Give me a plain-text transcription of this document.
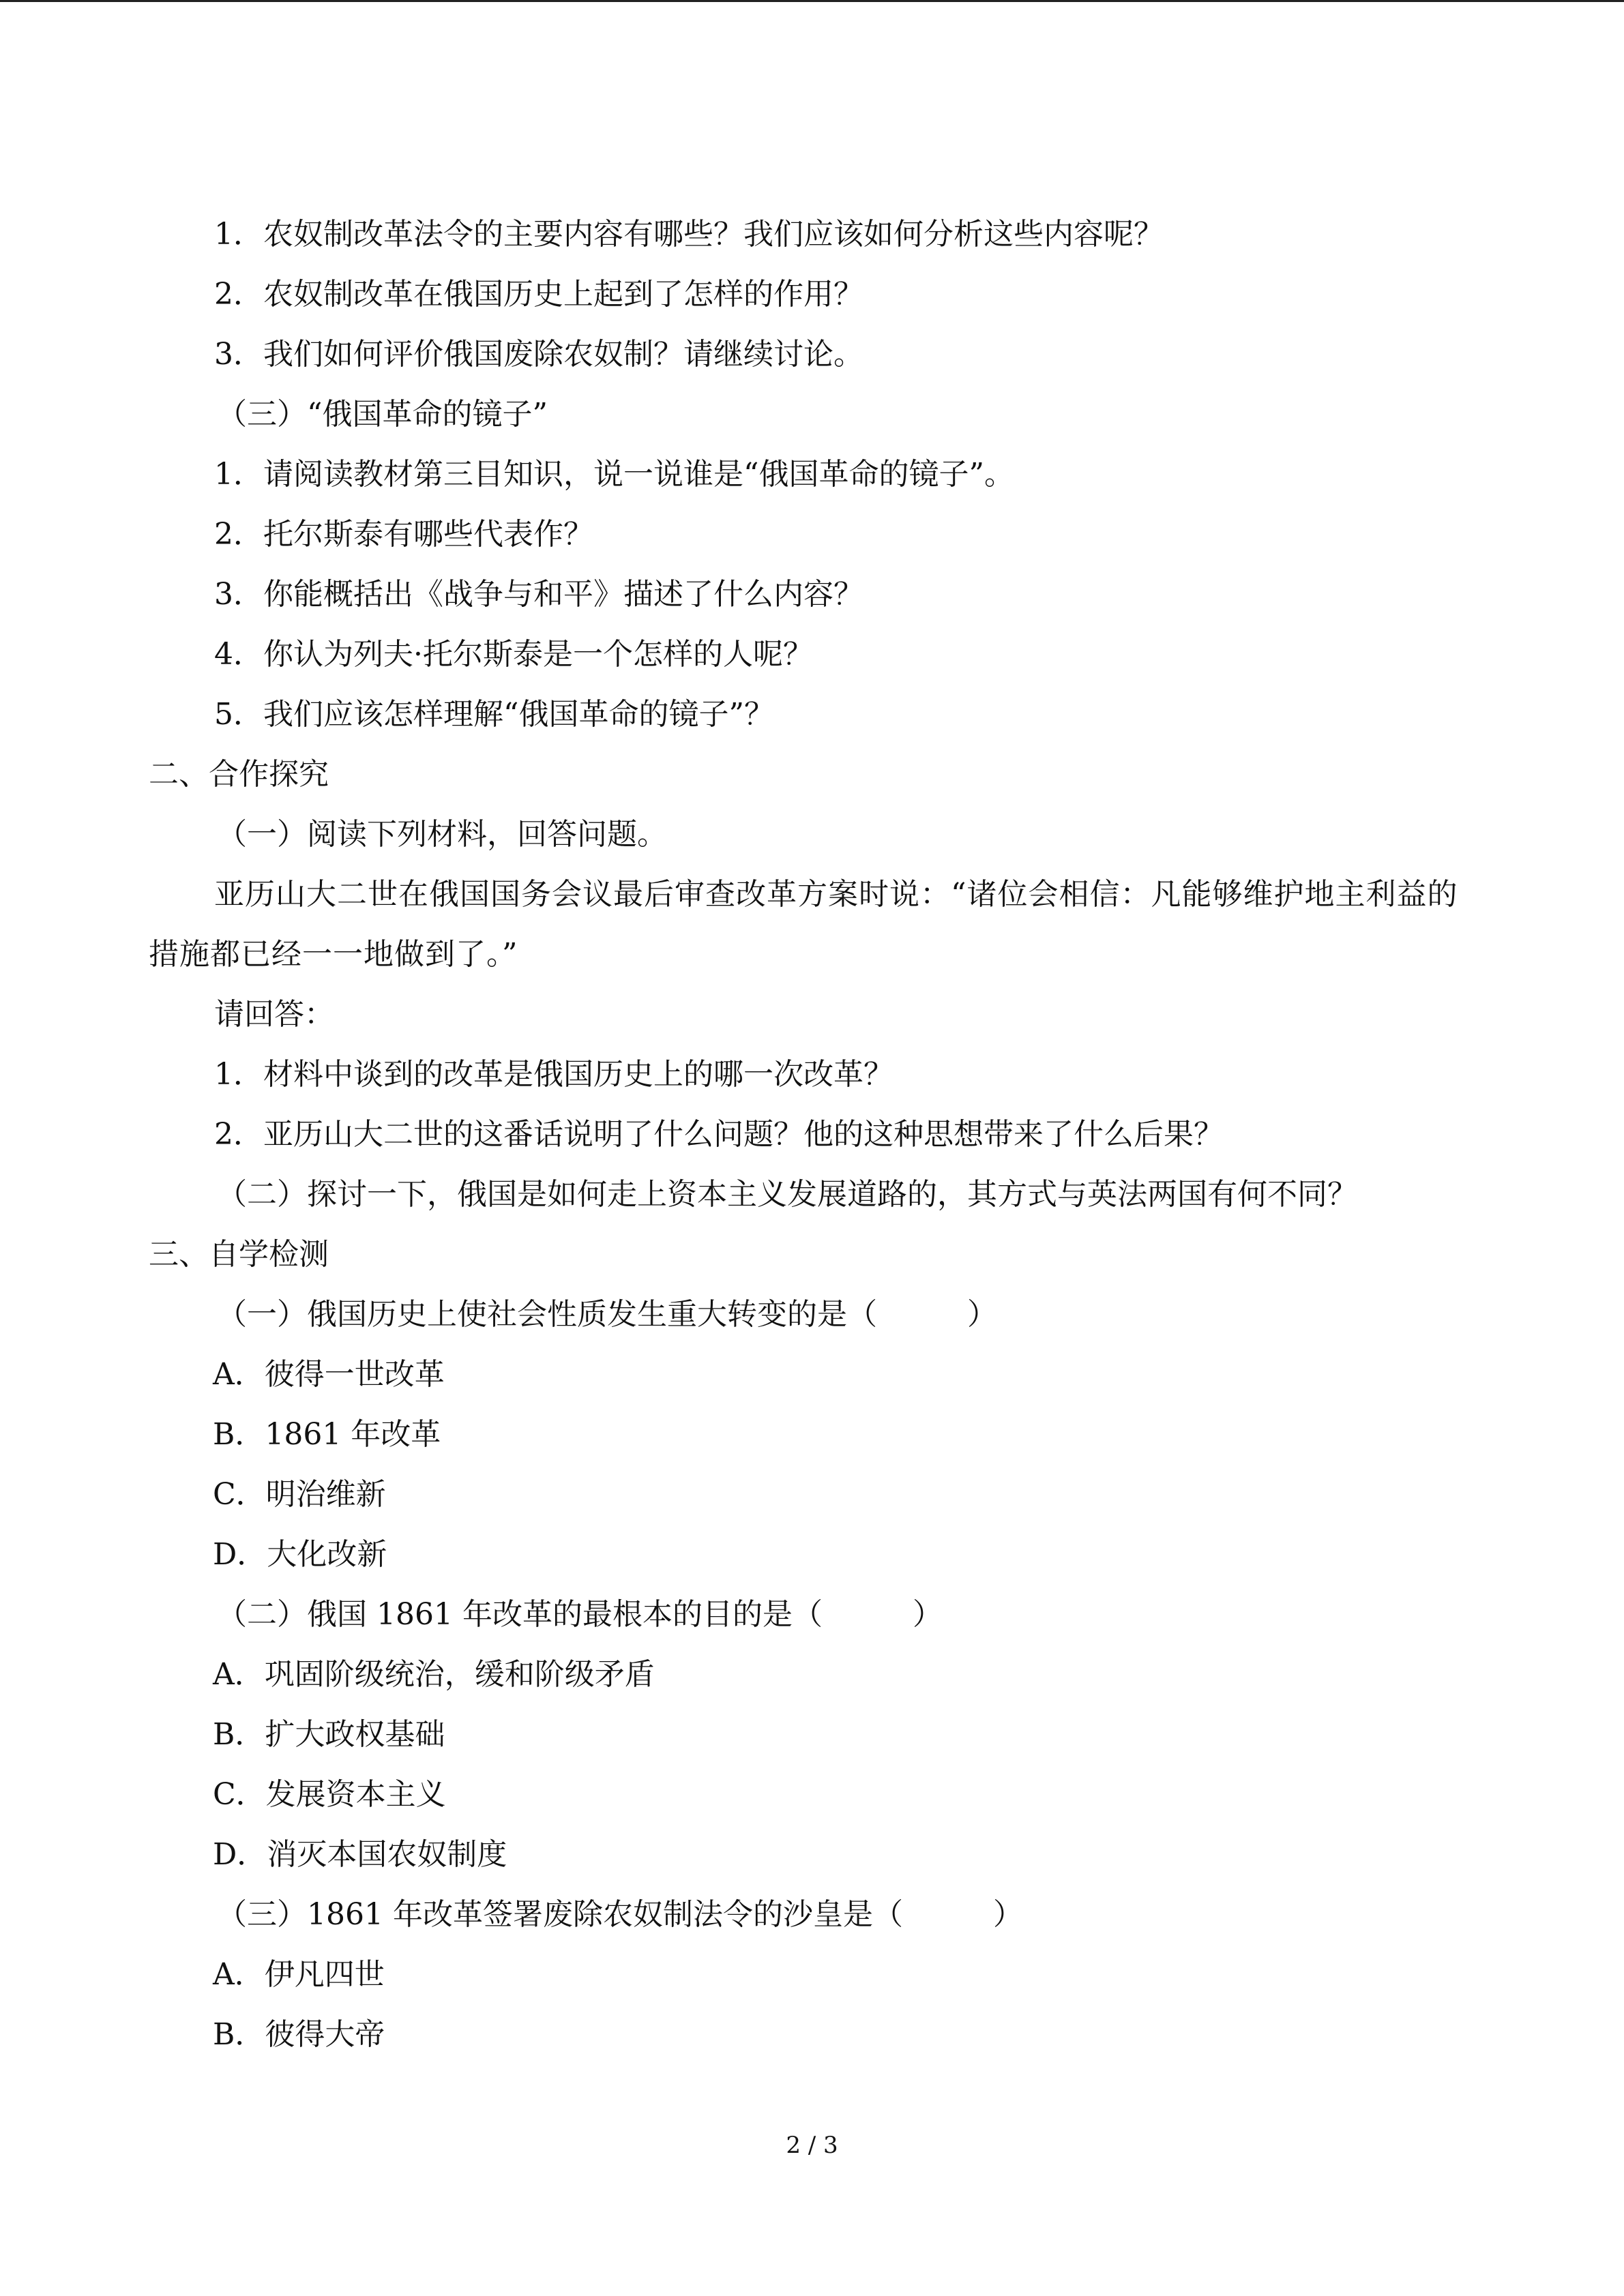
1．农奴制改革法令的主要内容有哪些？我们应该如何分析这些内容呢？
2．农奴制改革在俄国历史上起到了怎样的作用？
3．我们如何评价俄国废除农奴制？请继续讨论。
（三）“俄国革命的镜子”
1．请阅读教材第三目知识，说一说谁是“俄国革命的镜子”。
2．托尔斯泰有哪些代表作？
3．你能概括出《战争与和平》描述了什么内容？
4．你认为列夫·托尔斯泰是一个怎样的人呢？
5．我们应该怎样理解“俄国革命的镜子”？
二、合作探究
（一）阅读下列材料，回答问题。
亚历山大二世在俄国国务会议最后审查改革方案时说：“诸位会相信：凡能够维护地主利益的措施都已经一一地做到了。”
请回答：
1．材料中谈到的改革是俄国历史上的哪一次改革？
2．亚历山大二世的这番话说明了什么问题？他的这种思想带来了什么后果？
（二）探讨一下，俄国是如何走上资本主义发展道路的，其方式与英法两国有何不同？
三、自学检测
（一）俄国历史上使社会性质发生重大转变的是（　　　）
A．彼得一世改革
B．1861 年改革
C．明治维新
D．大化改新
（二）俄国 1861 年改革的最根本的目的是（　　　）
A．巩固阶级统治，缓和阶级矛盾
B．扩大政权基础
C．发展资本主义
D．消灭本国农奴制度
（三）1861 年改革签署废除农奴制法令的沙皇是（　　　）
A．伊凡四世
B．彼得大帝
2 / 3
